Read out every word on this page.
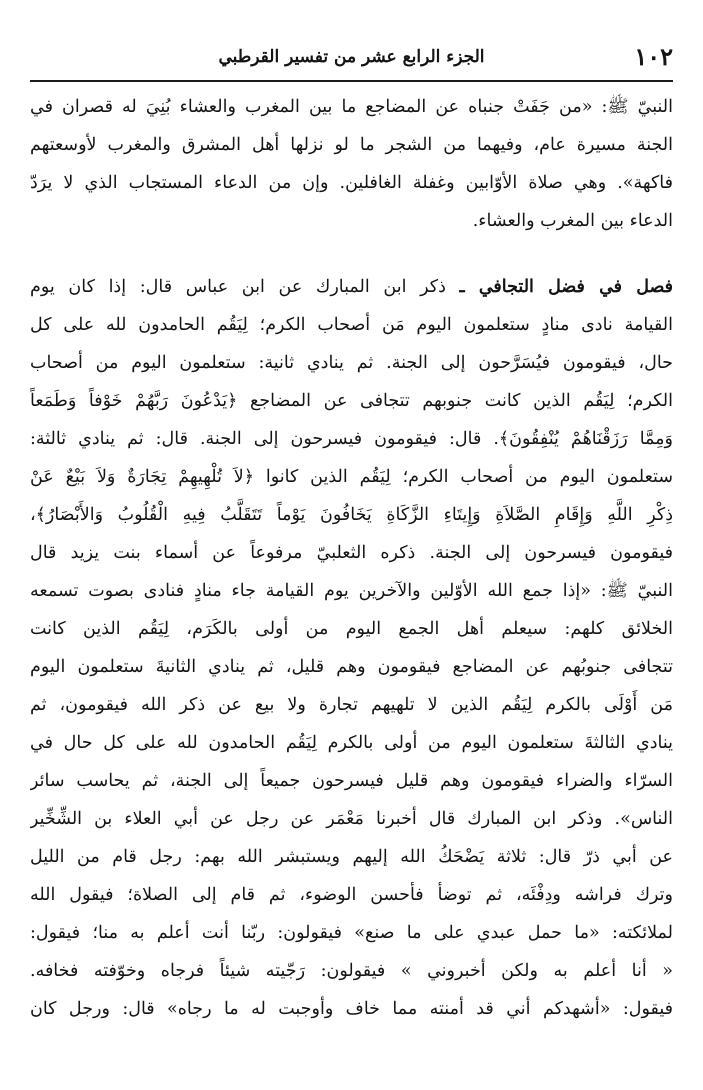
١٠٢
الجزء الرابع عشر من تفسير القرطبي
النبيّ ﷺ: «من جَفَتْ جنباه عن المضاجع ما بين المغرب والعشاء بُنِيَ له قصران في
الجنة مسيرة عام، وفيهما من الشجر ما لو نزلها أهل المشرق والمغرب لأوسعتهم
فاكهة». وهي صلاة الأوّابين وغفلة الغافلين. وإن من الدعاء المستجاب الذي لا يرَدّ
الدعاء بين المغرب والعشاء.
فصل في فضل التجافي ـ ذكر ابن المبارك عن ابن عباس قال: إذا كان يوم
القيامة نادى منادٍ ستعلمون اليوم مَن أصحاب الكرم؛ لِيَقُم الحامدون لله على كل
حال، فيقومون فيُسَرَّحون إلى الجنة. ثم ينادي ثانية: ستعلمون اليوم من أصحاب
الكرم؛ لِيَقُم الذين كانت جنوبهم تتجافى عن المضاجع ﴿يَدْعُونَ رَبَّهُمْ خَوْفاً وَطَمَعاً
وَمِمَّا رَزَقْنَاهُمْ يُنْفِقُونَ﴾. قال: فيقومون فيسرحون إلى الجنة. قال: ثم ينادي ثالثة:
ستعلمون اليوم من أصحاب الكرم؛ لِيَقُم الذين كانوا ﴿لاَ تُلْهِيهِمْ تِجَارَةٌ وَلاَ بَيْعٌ عَنْ
ذِكْرِ اللَّهِ وَإِقَامِ الصَّلاَةِ وَإِيتَاءِ الزَّكَاةِ يَخَافُونَ يَوْماً تَتَقَلَّبُ فِيهِ الْقُلُوبُ وَالأَبْصَارُ﴾،
فيقومون فيسرحون إلى الجنة. ذكره الثعلبيّ مرفوعاً عن أسماء بنت يزيد قال
النبيّ ﷺ: «إذا جمع الله الأوّلين والآخرين يوم القيامة جاء منادٍ فنادى بصوت تسمعه
الخلائق كلهم: سيعلم أهل الجمع اليوم من أولى بالكَرَم، لِيَقُم الذين كانت
تتجافى جنوبُهم عن المضاجع فيقومون وهم قليل، ثم ينادي الثانيةَ ستعلمون اليوم
مَن أَوْلَى بالكرم لِيَقُم الذين لا تلهيهم تجارة ولا بيع عن ذكر الله فيقومون، ثم
ينادي الثالثةَ ستعلمون اليوم من أولى بالكرم لِيَقُم الحامدون لله على كل حال في
السرّاء والضراء فيقومون وهم قليل فيسرحون جميعاً إلى الجنة، ثم يحاسب سائر
الناس». وذكر ابن المبارك قال أخبرنا مَعْمَر عن رجل عن أبي العلاء بن الشِّخِّير
عن أبي ذرّ قال: ثلاثة يَضْحَكُ الله إليهم ويستبشر الله بهم: رجل قام من الليل
وترك فراشه ودِفْئَه، ثم توضأ فأحسن الوضوء، ثم قام إلى الصلاة؛ فيقول الله
لملائكته: «ما حمل عبدي على ما صنع» فيقولون: ربّنا أنت أعلم به منا؛ فيقول:
« أنا أعلم به ولكن أخبروني » فيقولون: رَجّيته شيئاً فرجاه وخوّفته فخافه.
فيقول: «أشهدكم أني قد أمنته مما خاف وأوجبت له ما رجاه» قال: ورجل كان
